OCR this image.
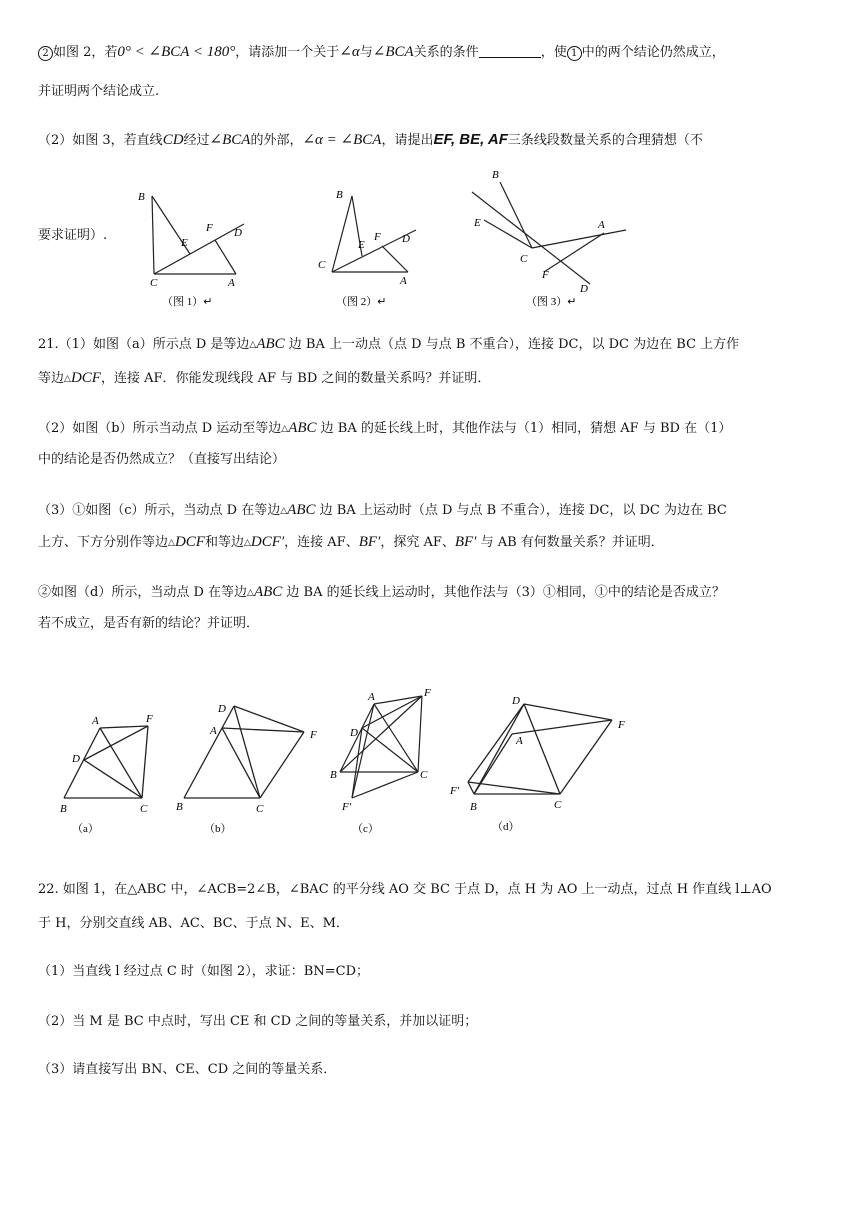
2 如图 2，若0° < ∠BCA < 180°，请添加一个关于∠α与∠BCA关系的条件	，使 1 中的两个结论仍然成立，
并证明两个结论成立.
（2）如图 3，若直线CD经过∠BCA的外部，∠α = ∠BCA，请提出EF, BE, AF三条线段数量关系的合理猜想（不
要求证明）.
B
C	A
E
F D
（图 1）↵
B
C
A
E
F D
（图 2）↵
B
E
C
A
F
D
（图 3）↵
21.（1）如图（a）所示点 D 是等边△ABC 边 BA 上一动点（点 D 与点 B 不重合），连接 DC，以 DC 为边在 BC 上方作
等边△DCF，连接 AF．你能发现线段 AF 与 BD 之间的数量关系吗？并证明．
（2）如图（b）所示当动点 D 运动至等边△ABC 边 BA 的延长线上时，其他作法与（1）相同，猜想 AF 与 BD 在（1）
中的结论是否仍然成立？（直接写出结论）
（3）①如图（c）所示，当动点 D 在等边△ABC 边 BA 上运动时（点 D 与点 B 不重合），连接 DC，以 DC 为边在 BC
上方、下方分别作等边△DCF和等边△DCF′，连接 AF、BF′，探究 AF、BF′ 与 AB 有何数量关系？并证明．
②如图（d）所示，当动点 D 在等边△ABC 边 BA 的延长线上运动时，其他作法与（3）①相同，①中的结论是否成立？
若不成立，是否有新的结论？并证明．
A	F
D
B	C
（a）
D
A	F
B	C
（b）
A	F
D
B	C
F′
（c）
D
A
F
F′
B	C
（d）
22. 如图 1，在△ABC 中，∠ACB=2∠B，∠BAC 的平分线 AO 交 BC 于点 D，点 H 为 AO 上一动点，过点 H 作直线 l⊥AO
于 H，分别交直线 AB、AC、BC、于点 N、E、M．
（1）当直线 l 经过点 C 时（如图 2），求证：BN=CD；
（2）当 M 是 BC 中点时，写出 CE 和 CD 之间的等量关系，并加以证明；
（3）请直接写出 BN、CE、CD 之间的等量关系．
